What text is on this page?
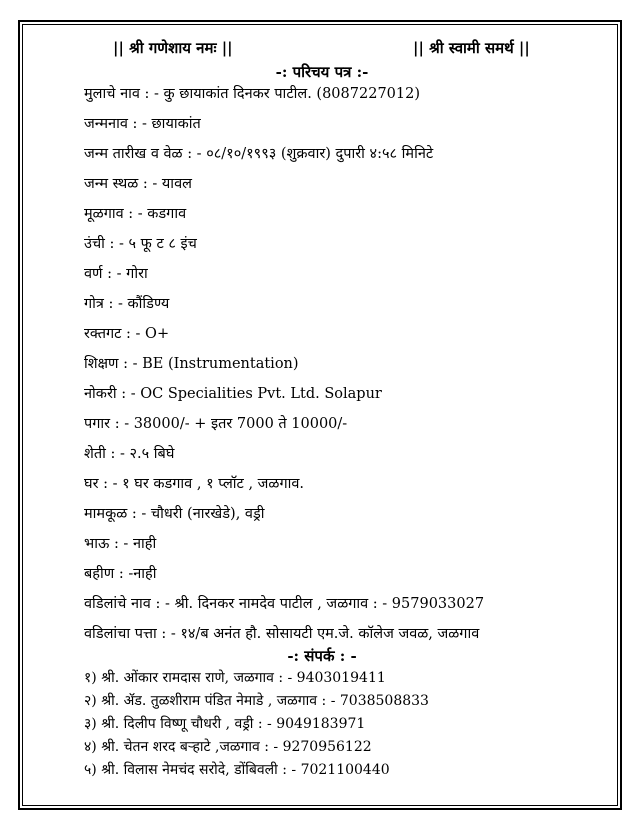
|| श्री गणेशाय नमः ||	|| श्री स्वामी समर्थ ||
-: परिचय पत्र :-
मुलाचे नाव : - कु छायाकांत दिनकर पाटील. (8087227012)
जन्मनाव : - छायाकांत
जन्म तारीख व वेळ : - ०८/१०/१९९३ (शुक्रवार) दुपारी ४:५८ मिनिटे
जन्म स्थळ : - यावल
मूळगाव : - कडगाव
उंची : - ५ फू ट ८ इंच
वर्ण : - गोरा
गोत्र : - कौंडिण्य
रक्तगट : - O+
शिक्षण : - BE (Instrumentation)
नोकरी : - OC Specialities Pvt. Ltd. Solapur
पगार : - 38000/- + इतर 7000 ते 10000/-
शेती : - २.५ बिघे
घर : - १ घर कडगाव , १ प्लॉट , जळगाव.
मामकूळ : - चौधरी (नारखेडे), वड्री
भाऊ : - नाही
बहीण : -नाही
वडिलांचे नाव : - श्री. दिनकर नामदेव पाटील , जळगाव : - 9579033027
वडिलांचा पत्ता : - १४/ब अनंत हौ. सोसायटी एम.जे. कॉलेज जवळ, जळगाव
-: संपर्क : -
१) श्री. ओंकार रामदास राणे, जळगाव : - 9403019411
२) श्री. ॲड. तुळशीराम पंडित नेमाडे , जळगाव : - 7038508833
३) श्री. दिलीप विष्णू चौधरी , वड्री : - 9049183971
४) श्री. चेतन शरद बऱ्हाटे ,जळगाव : - 9270956122
५) श्री. विलास नेमचंद सरोदे, डोंबिवली : - 7021100440
